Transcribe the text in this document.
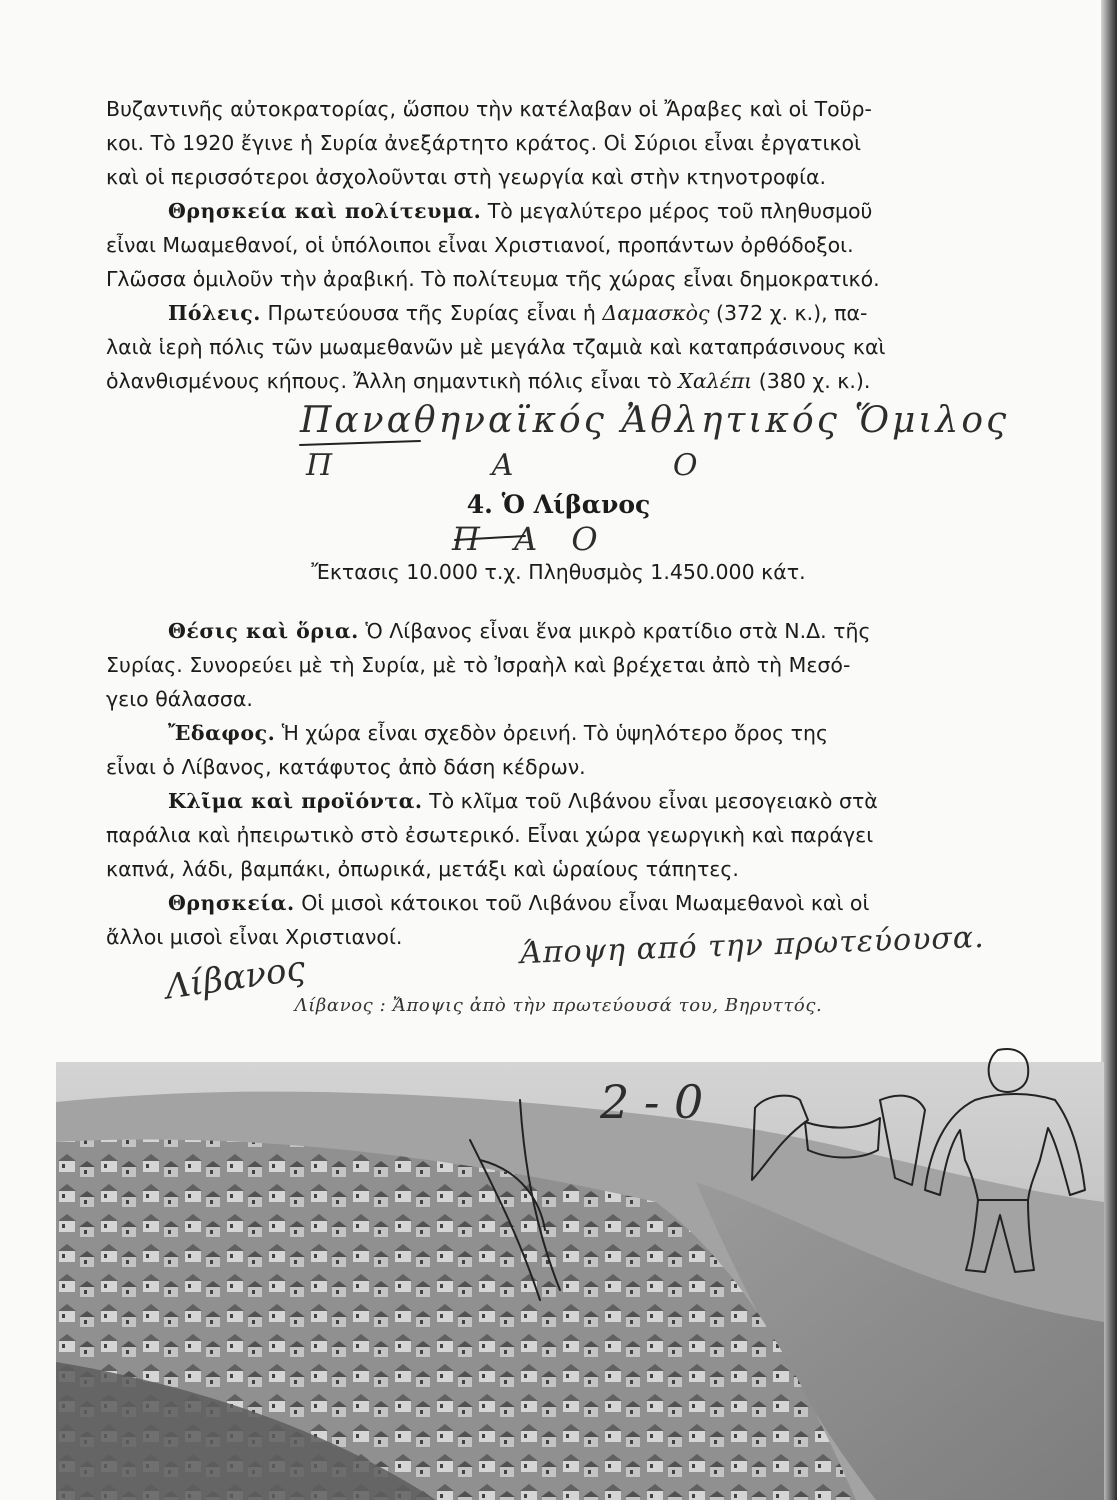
Βυζαντινῆς αὐτοκρατορίας, ὥσπου τὴν κατέλαβαν οἱ Ἄραβες καὶ οἱ Τοῦρ-
κοι. Τὸ 1920 ἔγινε ἡ Συρία ἀνεξάρτητο κράτος. Οἱ Σύριοι εἶναι ἐργατικοὶ
καὶ οἱ περισσότεροι ἀσχολοῦνται στὴ γεωργία καὶ στὴν κτηνοτροφία.

Θρησκεία καὶ πολίτευμα. Τὸ μεγαλύτερο μέρος τοῦ πληθυσμοῦ
εἶναι Μωαμεθανοί, οἱ ὑπόλοιποι εἶναι Χριστιανοί, προπάντων ὀρθόδοξοι.
Γλῶσσα ὁμιλοῦν τὴν ἀραβική. Τὸ πολίτευμα τῆς χώρας εἶναι δημοκρατικό.

Πόλεις. Πρωτεύουσα τῆς Συρίας εἶναι ἡ Δαμασκὸς (372 χ. κ.), πα-
λαιὰ ἱερὴ πόλις τῶν μωαμεθανῶν μὲ μεγάλα τζαμιὰ καὶ καταπράσινους καὶ
ὁλανθισμένους κήπους. Ἄλλη σημαντικὴ πόλις εἶναι τὸ Χαλέπι (380 χ. κ.).

Παναθηναϊκός Ἀθλητικός Ὅμιλος
Π Α Ο
4. Ὁ Λίβανος
Π Α Ο
Ἔκτασις 10.000 τ.χ. Πληθυσμὸς 1.450.000 κάτ.

Θέσις καὶ ὅρια. Ὁ Λίβανος εἶναι ἕνα μικρὸ κρατίδιο στὰ Ν.Δ. τῆς
Συρίας. Συνορεύει μὲ τὴ Συρία, μὲ τὸ Ἰσραὴλ καὶ βρέχεται ἀπὸ τὴ Μεσό-
γειο θάλασσα.

Ἔδαφος. Ἡ χώρα εἶναι σχεδὸν ὀρεινή. Τὸ ὑψηλότερο ὄρος της
εἶναι ὁ Λίβανος, κατάφυτος ἀπὸ δάση κέδρων.

Κλῖμα καὶ προϊόντα. Τὸ κλῖμα τοῦ Λιβάνου εἶναι μεσογειακὸ στὰ
παράλια καὶ ἠπειρωτικὸ στὸ ἐσωτερικό. Εἶναι χώρα γεωργικὴ καὶ παράγει
καπνά, λάδι, βαμπάκι, ὀπωρικά, μετάξι καὶ ὡραίους τάπητες.

Θρησκεία. Οἱ μισοὶ κάτοικοι τοῦ Λιβάνου εἶναι Μωαμεθανοὶ καὶ οἱ
ἄλλοι μισοὶ εἶναι Χριστιανοί.

Λίβανος
Άποψη από την πρωτεύουσα.
Λίβανος : Ἄποψις ἀπὸ τὴν πρωτεύουσά του, Βηρυττός.
2 - 0
